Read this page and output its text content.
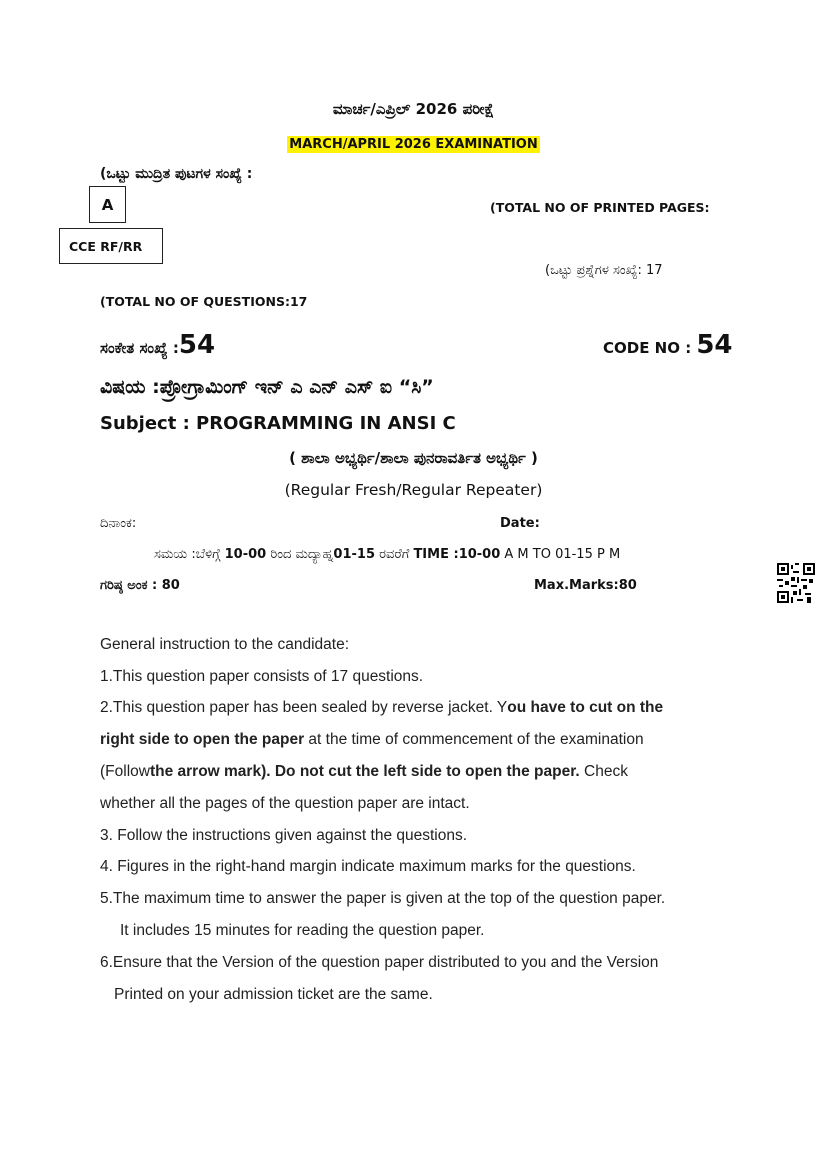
ಮಾರ್ಚ/ಎಪ್ರಿಲ್ 2026 ಪರೀಕ್ಷೆ
MARCH/APRIL 2026 EXAMINATION
(ಒಟ್ಟು ಮುದ್ರಿತ ಪುಟಗಳ ಸಂಖ್ಯೆ :
A	(TOTAL NO OF PRINTED PAGES:
CCE RF/RR
(ಒಟ್ಟು ಪ್ರಶ್ನೆಗಳ ಸಂಖ್ಯೆ: 17
(TOTAL NO OF QUESTIONS:17
ಸಂಕೇತ ಸಂಖ್ಯೆ :54	CODE NO : 54
ವಿಷಯ :ಪ್ರೋಗ್ರಾಮಿಂಗ್ ಇನ್ ಎ ಎನ್ ಎಸ್ ಐ “ಸಿ”
Subject : PROGRAMMING IN ANSI C
( ಶಾಲಾ ಅಭ್ಯರ್ಥಿ/ಶಾಲಾ ಪುನರಾವರ್ತಿತ ಅಭ್ಯರ್ಥಿ )
(Regular Fresh/Regular Repeater)
ದಿನಾಂಕ:	Date:
ಸಮಯ :ಬೆಳಿಗ್ಗೆ 10-00 ರಿಂದ ಮದ್ಯಾಹ್ನ01-15 ರವರೆಗೆ TIME :10-00 A M TO 01-15 P M
ಗರಿಷ್ಠ ಅಂಕ : 80	Max.Marks:80
General instruction to the candidate:
1.This question paper consists of 17 questions.
2.This question paper has been sealed by reverse jacket. You have to cut on the
right side to open the paper at the time of commencement of the examination
(Followthe arrow mark). Do not cut the left side to open the paper. Check
whether all the pages of the question paper are intact.
3. Follow the instructions given against the questions.
4. Figures in the right-hand margin indicate maximum marks for the questions.
5.The maximum time to answer the paper is given at the top of the question paper.
It includes 15 minutes for reading the question paper.
6.Ensure that the Version of the question paper distributed to you and the Version
Printed on your admission ticket are the same.
